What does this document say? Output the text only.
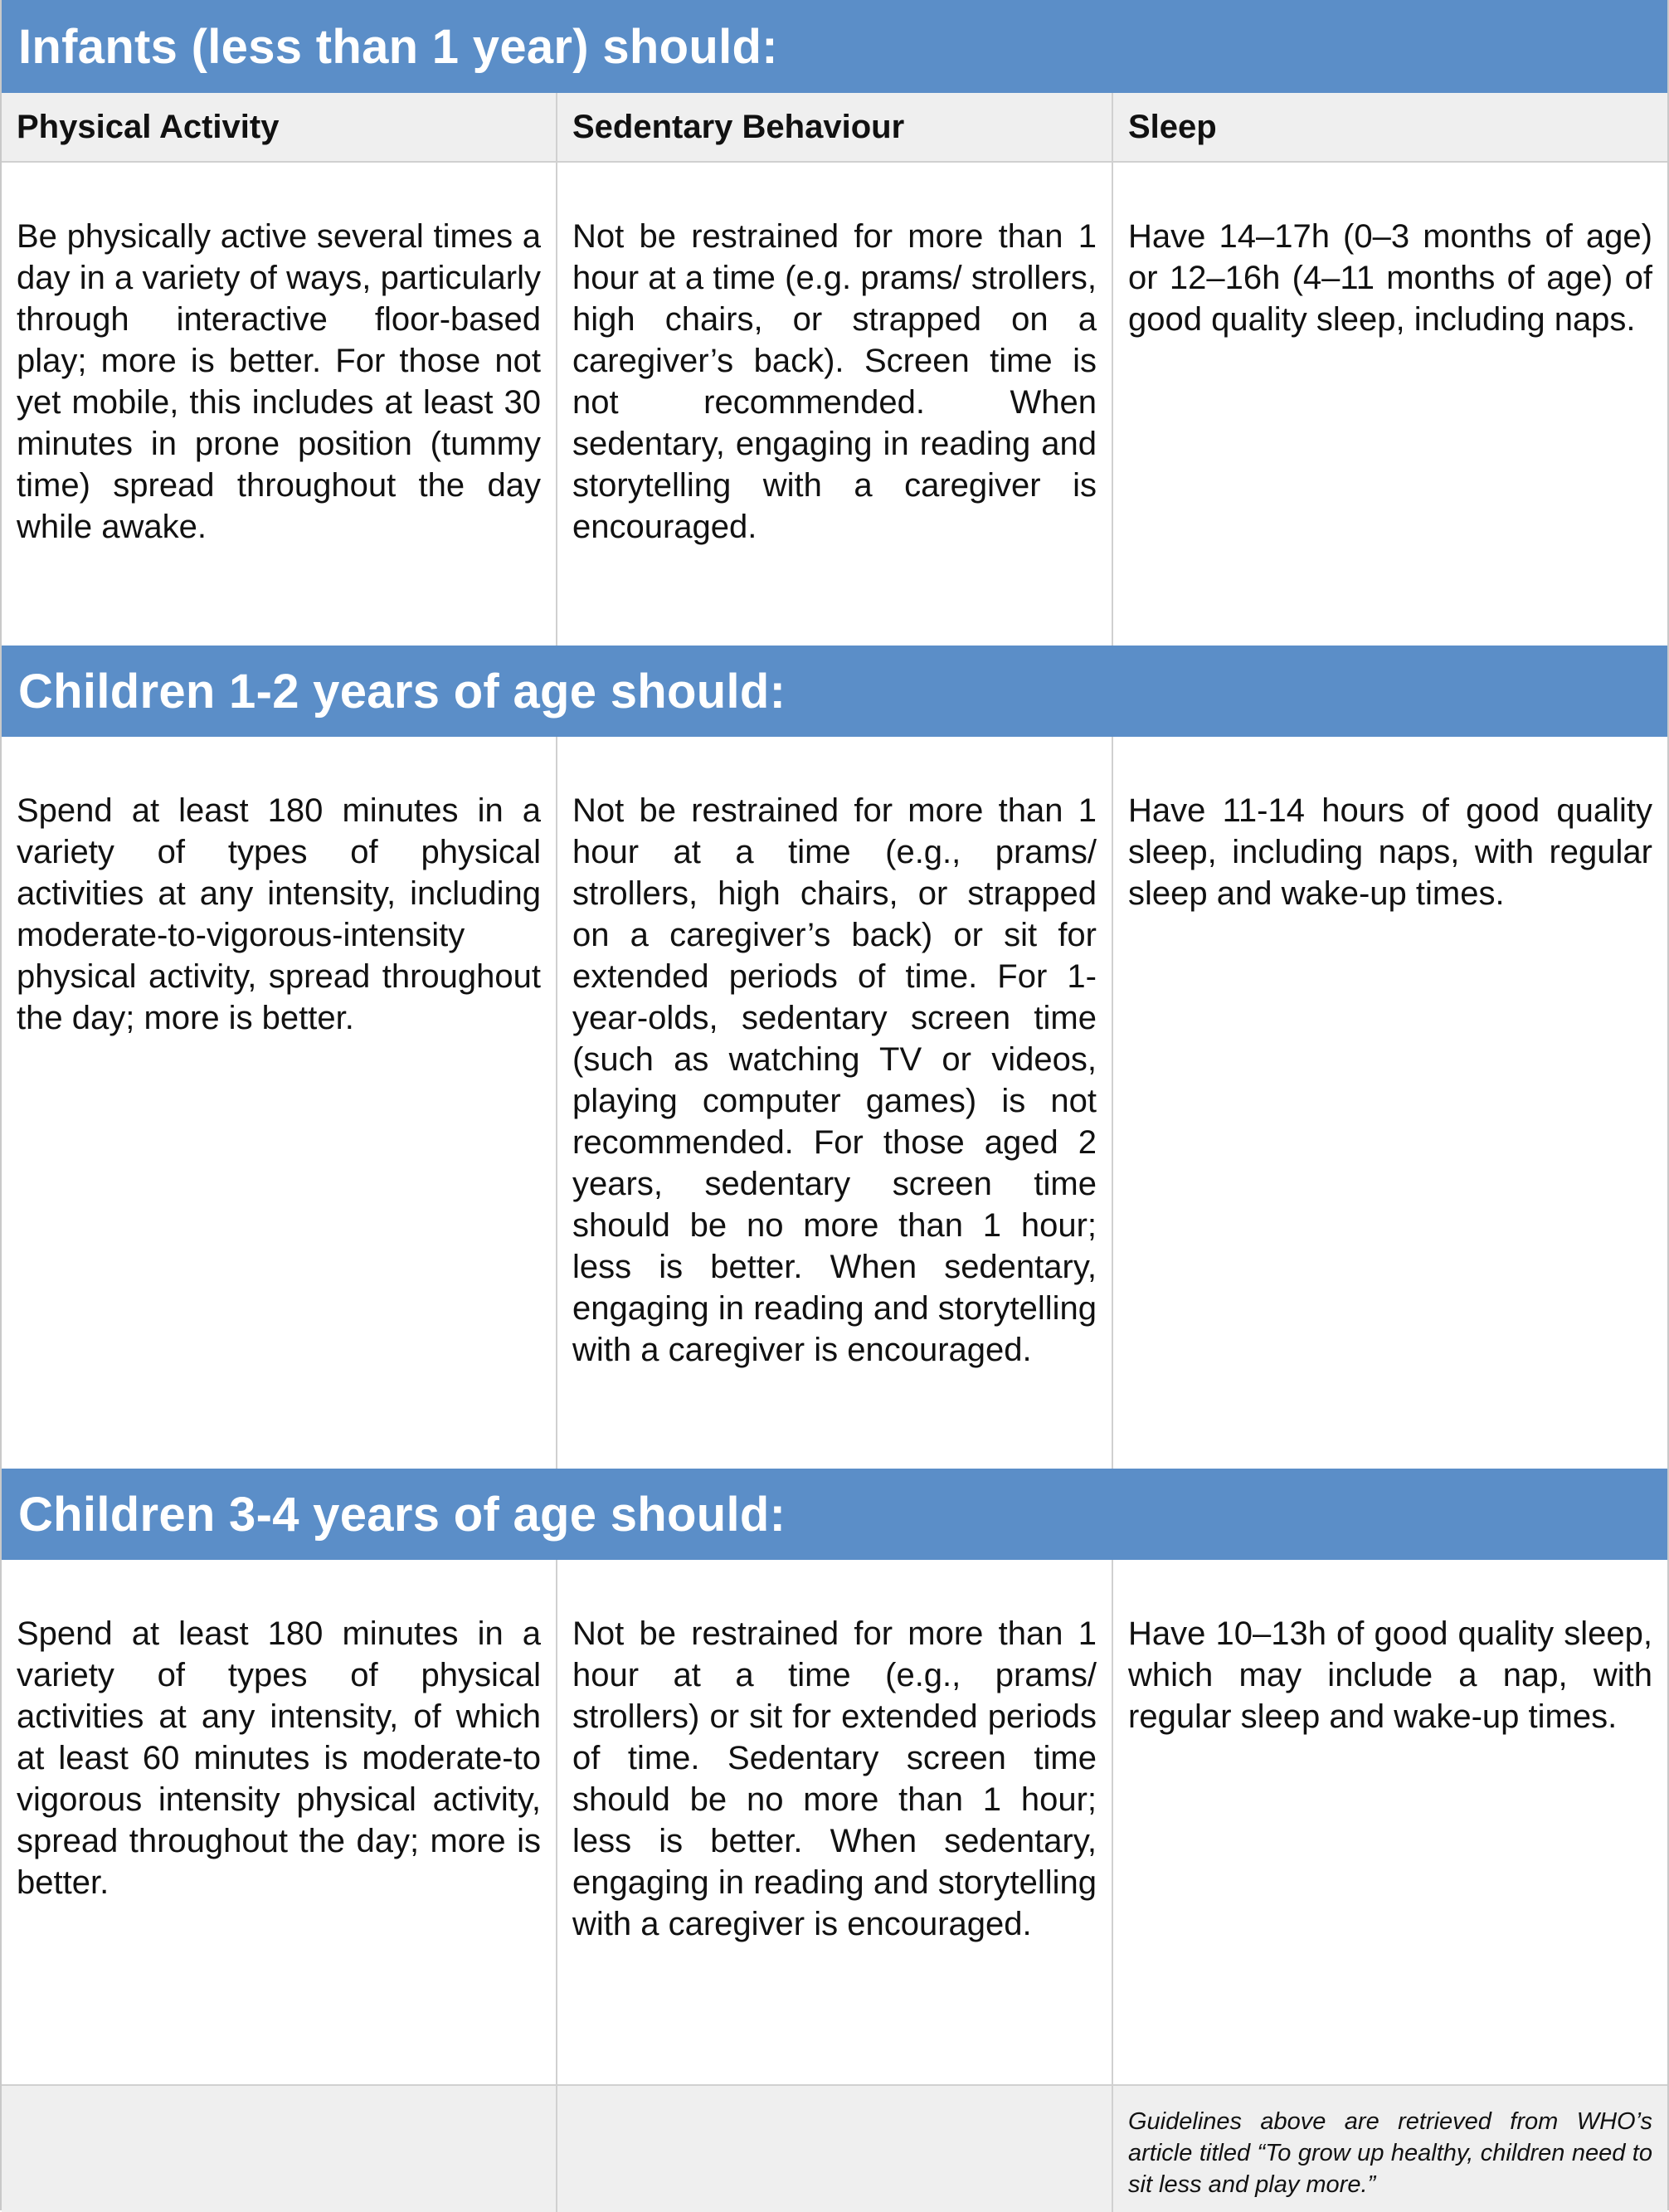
Infants (less than 1 year) should:
Physical Activity	Sedentary Behaviour	Sleep
Be physically active several times a day in a variety of ways, particularly through interactive floor-based play; more is better. For those not yet mobile, this includes at least 30 minutes in prone position (tummy time) spread throughout the day while awake.
Not be restrained for more than 1 hour at a time (e.g. prams/ strollers, high chairs, or strapped on a caregiver’s back). Screen time is not recommended. When sedentary, engaging in reading and storytelling with a caregiver is encouraged.
Have 14–17h (0–3 months of age) or 12–16h (4–11 months of age) of good quality sleep, including naps.
Children 1-2 years of age should:
Spend at least 180 minutes in a variety of types of physical activities at any intensity, including moderate-to-vigorous-intensity physical activity, spread throughout the day; more is better.
Not be restrained for more than 1 hour at a time (e.g., prams/ strollers, high chairs, or strapped on a caregiver’s back) or sit for extended periods of time. For 1-year-olds, sedentary screen time (such as watching TV or videos, playing computer games) is not recommended. For those aged 2 years, sedentary screen time should be no more than 1 hour; less is better. When sedentary, engaging in reading and storytelling with a caregiver is encouraged.
Have 11-14 hours of good quality sleep, including naps, with regular sleep and wake-up times.
Children 3-4 years of age should:
Spend at least 180 minutes in a variety of types of physical activities at any intensity, of which at least 60 minutes is moderate-to vigorous intensity physical activity, spread throughout the day; more is better.
Not be restrained for more than 1 hour at a time (e.g., prams/ strollers) or sit for extended periods of time. Sedentary screen time should be no more than 1 hour; less is better. When sedentary, engaging in reading and storytelling with a caregiver is encouraged.
Have 10–13h of good quality sleep, which may include a nap, with regular sleep and wake-up times.
Guidelines above are retrieved from WHO’s article titled “To grow up healthy, children need to sit less and play more.”
